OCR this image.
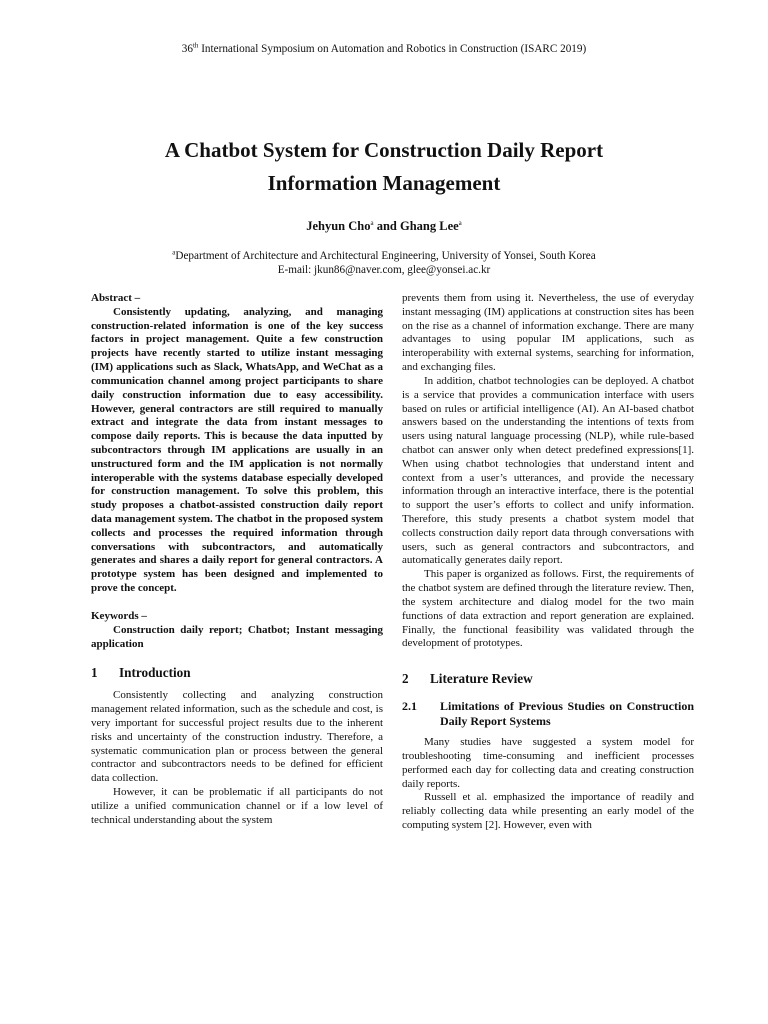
36th International Symposium on Automation and Robotics in Construction (ISARC 2019)
A Chatbot System for Construction Daily Report
Information Management
Jehyun Cho$^a$ and Ghang Lee$^a$
$^a$Department of Architecture and Architectural Engineering, University of Yonsei, South Korea
E-mail: jkun86@naver.com, glee@yonsei.ac.kr

Abstract –

Consistently updating, analyzing, and managing construction-related information is one of the key success factors in project management. Quite a few construction projects have recently started to utilize instant messaging (IM) applications such as Slack, WhatsApp, and WeChat as a communication channel among project participants to share daily construction information due to easy accessibility. However, general contractors are still required to manually extract and integrate the data from instant messages to compose daily reports. This is because the data inputted by subcontractors through IM applications are usually in an unstructured form and the IM application is not normally interoperable with the systems database especially developed for construction management. To solve this problem, this study proposes a chatbot-assisted construction daily report data management system. The chatbot in the proposed system collects and processes the required information through conversations with subcontractors, and automatically generates and shares a daily report for general contractors. A prototype system has been designed and implemented to prove the concept.

Keywords –

Construction daily report; Chatbot; Instant messaging application

1	Introduction

Consistently collecting and analyzing construction management related information, such as the schedule and cost, is very important for successful project results due to the inherent risks and uncertainty of the construction industry. Therefore, a systematic communication plan or process between the general contractor and subcontractors needs to be defined for efficient data collection.

However, it can be problematic if all participants do not utilize a unified communication channel or if a low level of technical understanding about the system

prevents them from using it. Nevertheless, the use of everyday instant messaging (IM) applications at construction sites has been on the rise as a channel of information exchange. There are many advantages to using popular IM applications, such as interoperability with external systems, searching for information, and exchanging files.

In addition, chatbot technologies can be deployed. A chatbot is a service that provides a communication interface with users based on rules or artificial intelligence (AI). An AI-based chatbot answers based on the understanding the intentions of texts from users using natural language processing (NLP), while rule-based chatbot can answer only when detect predefined expressions[1]. When using chatbot technologies that understand intent and context from a user’s utterances, and provide the necessary information through an interactive interface, there is the potential to support the user’s efforts to collect and unify information. Therefore, this study presents a chatbot system model that collects construction daily report data through conversations with users, such as general contractors and subcontractors, and automatically generates daily report.

This paper is organized as follows. First, the requirements of the chatbot system are defined through the literature review. Then, the system architecture and dialog model for the two main functions of data extraction and report generation are explained. Finally, the functional feasibility was validated through the development of prototypes.

2	Literature Review
2.1	Limitations of Previous Studies on Construction Daily Report Systems

Many studies have suggested a system model for troubleshooting time-consuming and inefficient processes performed each day for collecting data and creating construction daily reports.

Russell et al. emphasized the importance of readily and reliably collecting data while presenting an early model of the computing system [2]. However, even with
